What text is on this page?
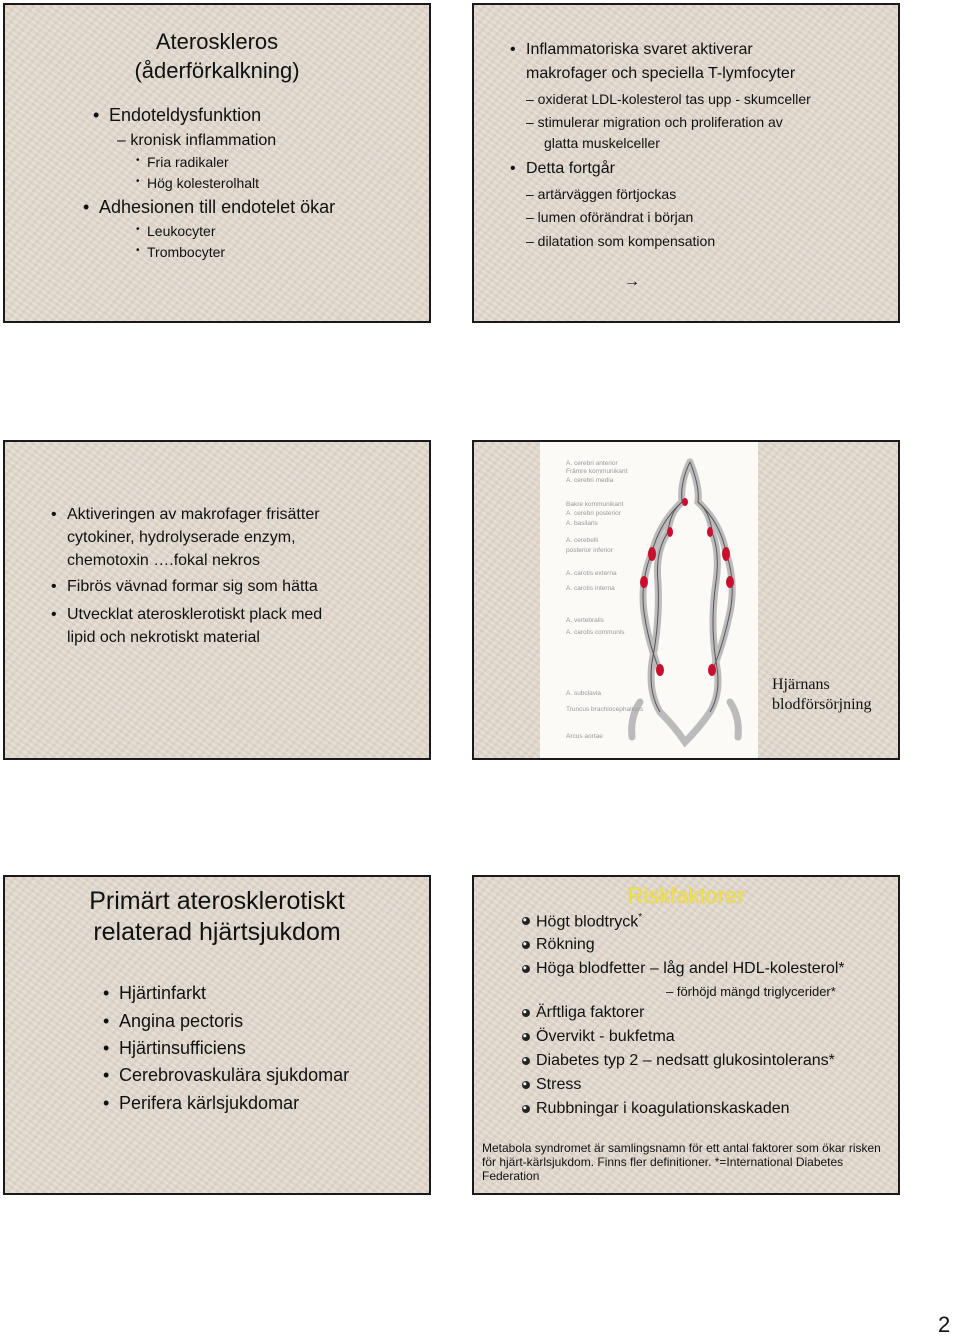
Ateroskleros
(åderförkalkning)
• Endoteldysfunktion
– kronisk inflammation
• Fria radikaler
• Hög kolesterolhalt
• Adhesionen till endotelet ökar
• Leukocyter
• Trombocyter
• Inflammatoriska svaret aktiverar
makrofager och speciella T-lymfocyter
– oxiderat LDL-kolesterol tas upp - skumceller
– stimulerar migration och proliferation av
glatta muskelceller
• Detta fortgår
– artärväggen förtjockas
– lumen oförändrat i början
– dilatation som kompensation
→
• Aktiveringen av makrofager frisätter
cytokiner, hydrolyserade enzym,
chemotoxin ….fokal nekros
• Fibrös vävnad formar sig som hätta
• Utvecklat aterosklerotiskt plack med
lipid och nekrotiskt material
A. cerebri anterior
Främre kommunikant
A. cerebri media
Bakre kommunikant
A. cerebri posterior
A. basilaris
A. cerebelli
posterior inferior
A. carotis externa
A. carotis interna
A. vertebralis
A. carotis communis
A. subclavia
Truncus brachiocephalicus
Arcus aortae
Hjärnans
blodförsörjning
Primärt aterosklerotiskt
relaterad hjärtsjukdom
• Hjärtinfarkt
• Angina pectoris
• Hjärtinsufficiens
• Cerebrovaskulära sjukdomar
• Perifera kärlsjukdomar
Riskfaktorer
Högt blodtryck*
Rökning
Höga blodfetter – låg andel HDL-kolesterol*
– förhöjd mängd triglycerider*
Ärftliga faktorer
Övervikt - bukfetma
Diabetes typ 2 – nedsatt glukosintolerans*
Stress
Rubbningar i koagulationskaskaden
Metabola syndromet är samlingsnamn för ett antal faktorer som ökar risken
för hjärt-kärlsjukdom. Finns fler definitioner. *=International Diabetes
Federation
2
